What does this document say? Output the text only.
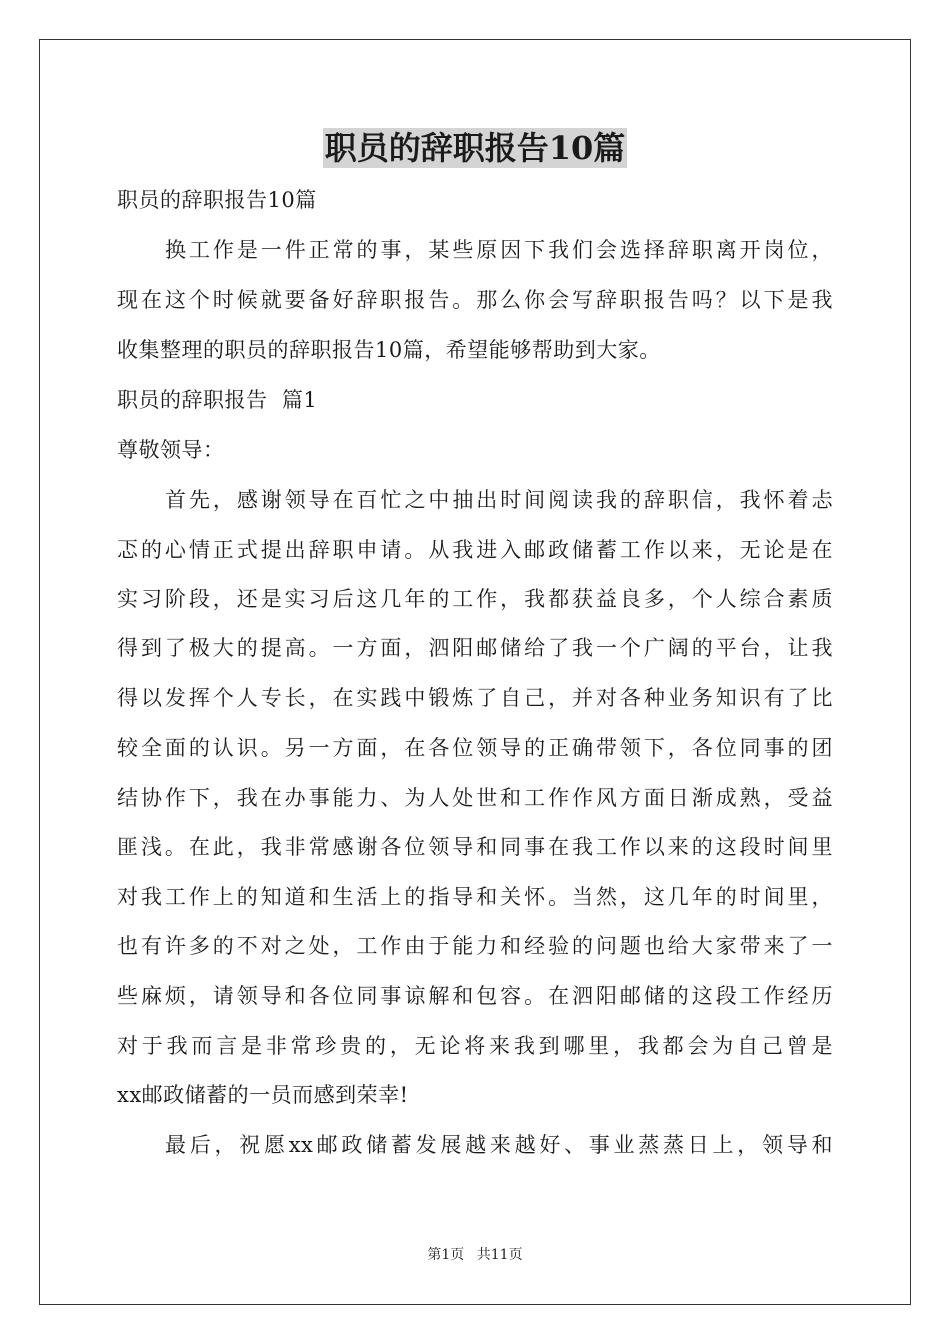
职员的辞职报告10篇
职员的辞职报告10篇
换工作是一件正常的事，某些原因下我们会选择辞职离开岗位，
现在这个时候就要备好辞职报告。那么你会写辞职报告吗？以下是我
收集整理的职员的辞职报告10篇，希望能够帮助到大家。
职员的辞职报告  篇1
尊敬领导：
首先，感谢领导在百忙之中抽出时间阅读我的辞职信，我怀着忐
忑的心情正式提出辞职申请。从我进入邮政储蓄工作以来，无论是在
实习阶段，还是实习后这几年的工作，我都获益良多，个人综合素质
得到了极大的提高。一方面，泗阳邮储给了我一个广阔的平台，让我
得以发挥个人专长，在实践中锻炼了自己，并对各种业务知识有了比
较全面的认识。另一方面，在各位领导的正确带领下，各位同事的团
结协作下，我在办事能力、为人处世和工作作风方面日渐成熟，受益
匪浅。在此，我非常感谢各位领导和同事在我工作以来的这段时间里
对我工作上的知道和生活上的指导和关怀。当然，这几年的时间里，
也有许多的不对之处，工作由于能力和经验的问题也给大家带来了一
些麻烦，请领导和各位同事谅解和包容。在泗阳邮储的这段工作经历
对于我而言是非常珍贵的，无论将来我到哪里，我都会为自己曾是
xx邮政储蓄的一员而感到荣幸!
最后，祝愿xx邮政储蓄发展越来越好、事业蒸蒸日上，领导和
第1页 共11页
